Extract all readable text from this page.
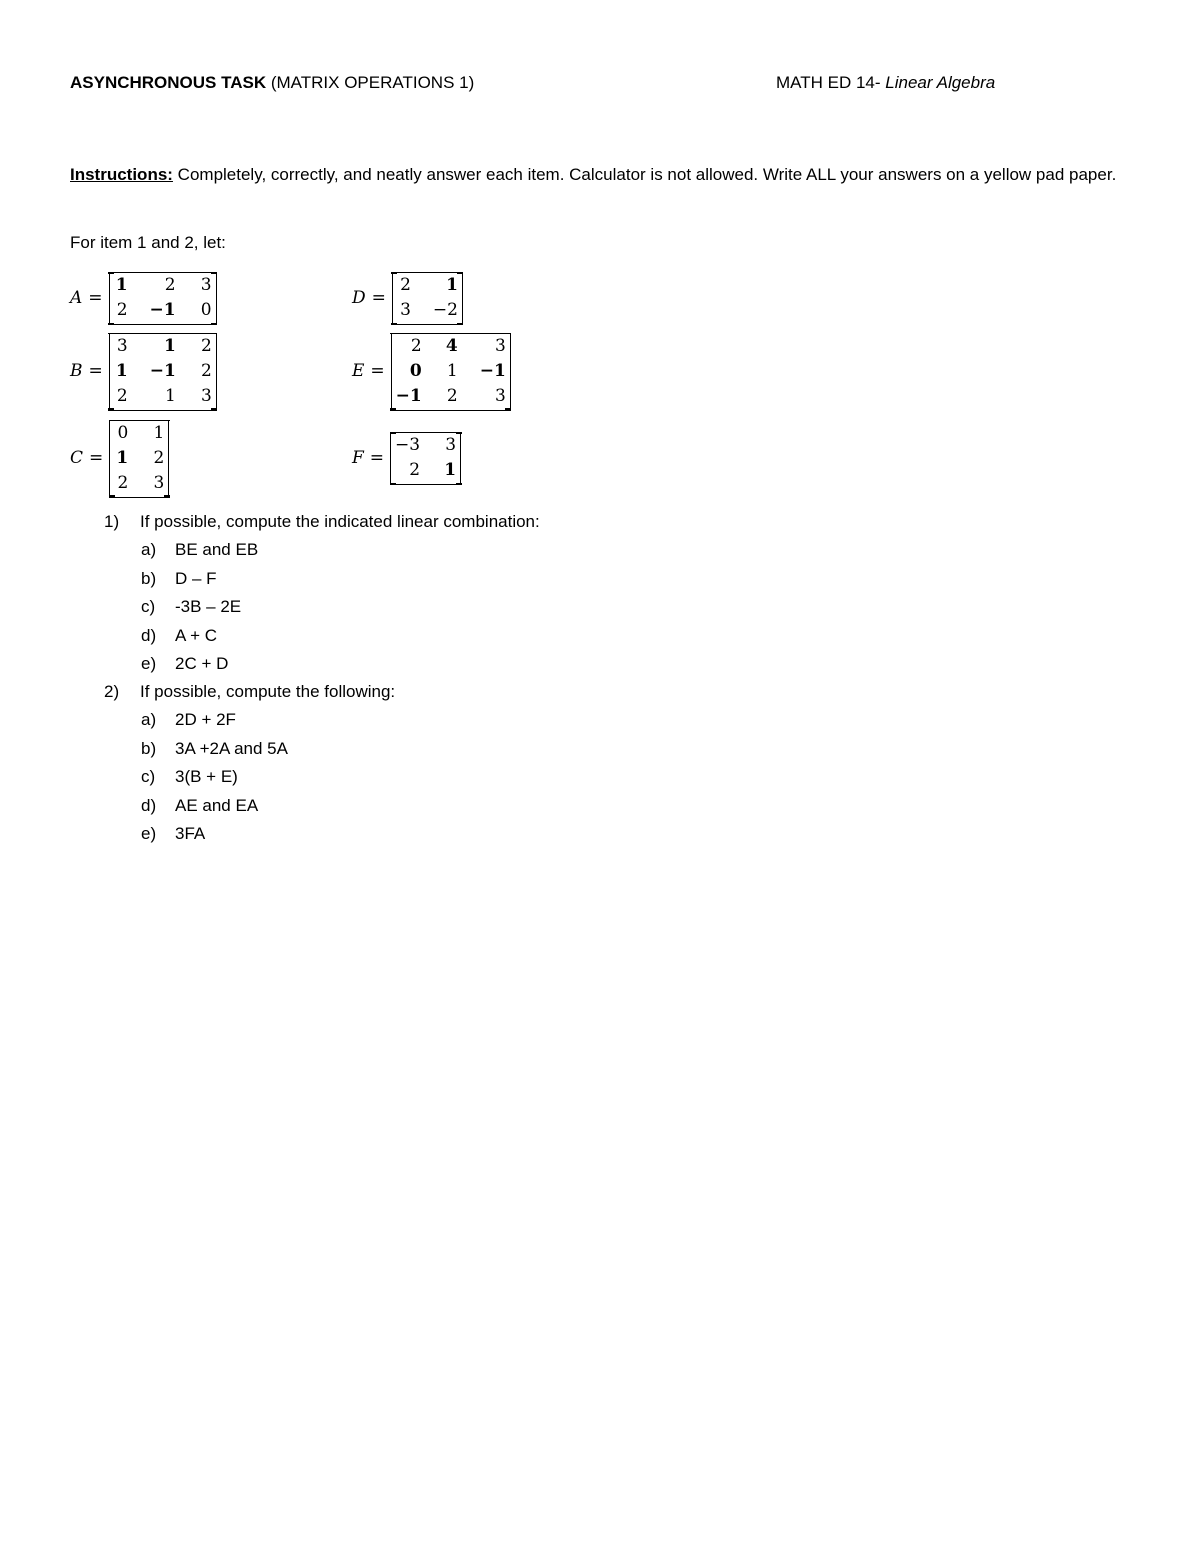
ASYNCHRONOUS TASK (MATRIX OPERATIONS 1)	MATH ED 14- Linear Algebra
Instructions: Completely, correctly, and neatly answer each item. Calculator is not allowed. Write ALL your answers on a yellow pad paper.
For item 1 and 2, let:
A =
1	2 3
2 −1 0
D =
2	1
3 −2
B =
3	1 2
1 −1 2
2	1 3
E =
2 4	3
0 1 −1
−1 2	3
C =
0 1
1 2
2 3
F =
−3 3
2 1
1) If possible, compute the indicated linear combination:
a) BE and EB
b) D – F
c) -3B – 2E
d) A + C
e) 2C + D
2) If possible, compute the following:
a) 2D + 2F
b) 3A +2A and 5A
c) 3(B + E)
d) AE and EA
e) 3FA
